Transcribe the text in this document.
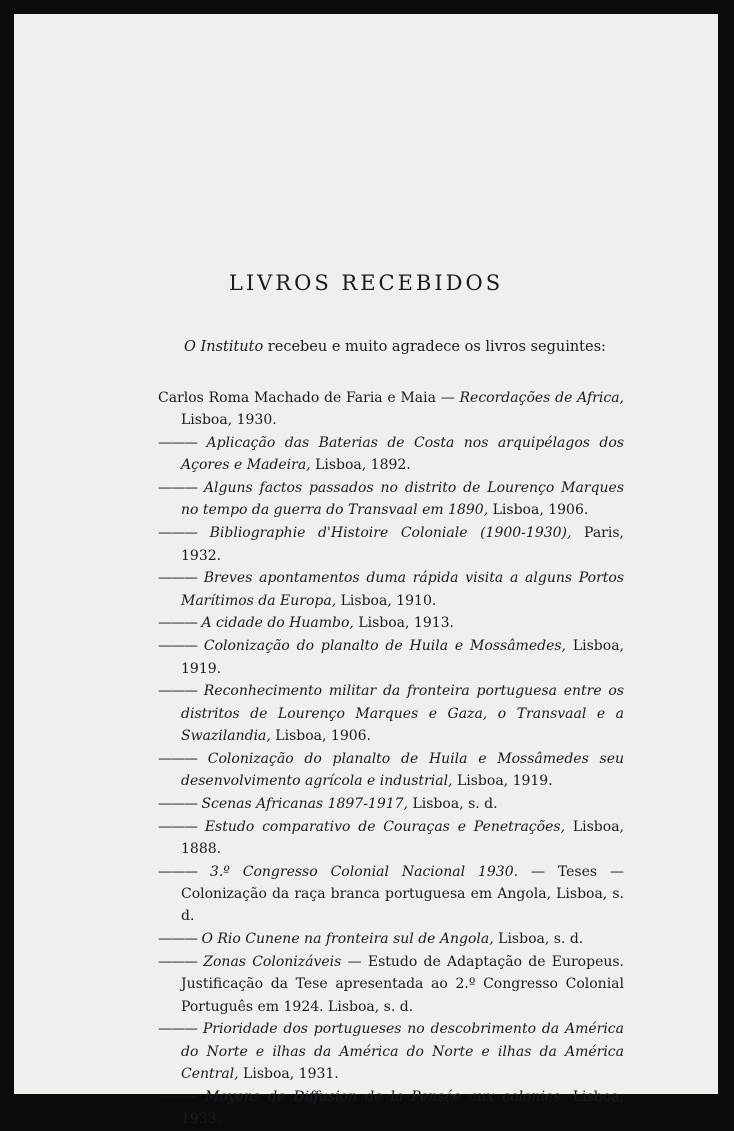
LIVROS RECEBIDOS

O Instituto recebeu e muito agradece os livros seguintes:

Carlos Roma Machado de Faria e Maia — Recordações de Africa, Lisboa, 1930.
——— Aplicação das Baterias de Costa nos arquipélagos dos Açores e Madeira, Lisboa, 1892.
——— Alguns factos passados no distrito de Lourenço Marques no tempo da guerra do Transvaal em 1890, Lisboa, 1906.
——— Bibliographie d'Histoire Coloniale (1900-1930), Paris, 1932.
——— Breves apontamentos duma rápida visita a alguns Portos Marítimos da Europa, Lisboa, 1910.
——— A cidade do Huambo, Lisboa, 1913.
——— Colonização do planalto de Huila e Mossâmedes, Lisboa, 1919.
——— Reconhecimento militar da fronteira portuguesa entre os distritos de Lourenço Marques e Gaza, o Transvaal e a Swazilandia, Lisboa, 1906.
——— Colonização do planalto de Huila e Mossâmedes seu desenvolvimento agrícola e industrial, Lisboa, 1919.
——— Scenas Africanas 1897-1917, Lisboa, s. d.
——— Estudo comparativo de Couraças e Penetrações, Lisboa, 1888.
——— 3.º Congresso Colonial Nacional 1930. — Teses — Colonização da raça branca portuguesa em Angola, Lisboa, s. d.
——— O Rio Cunene na fronteira sul de Angola, Lisboa, s. d.
——— Zonas Colonizáveis — Estudo de Adaptação de Europeus. Justificação da Tese apresentada ao 2.º Congresso Colonial Português em 1924. Lisboa, s. d.
——— Prioridade dos portugueses no descobrimento da América do Norte e ilhas da América do Norte e ilhas da América Central, Lisboa, 1931.
——— Moyens de Diffusion de la Pensée aux colonies, Lisboa, 1933.
